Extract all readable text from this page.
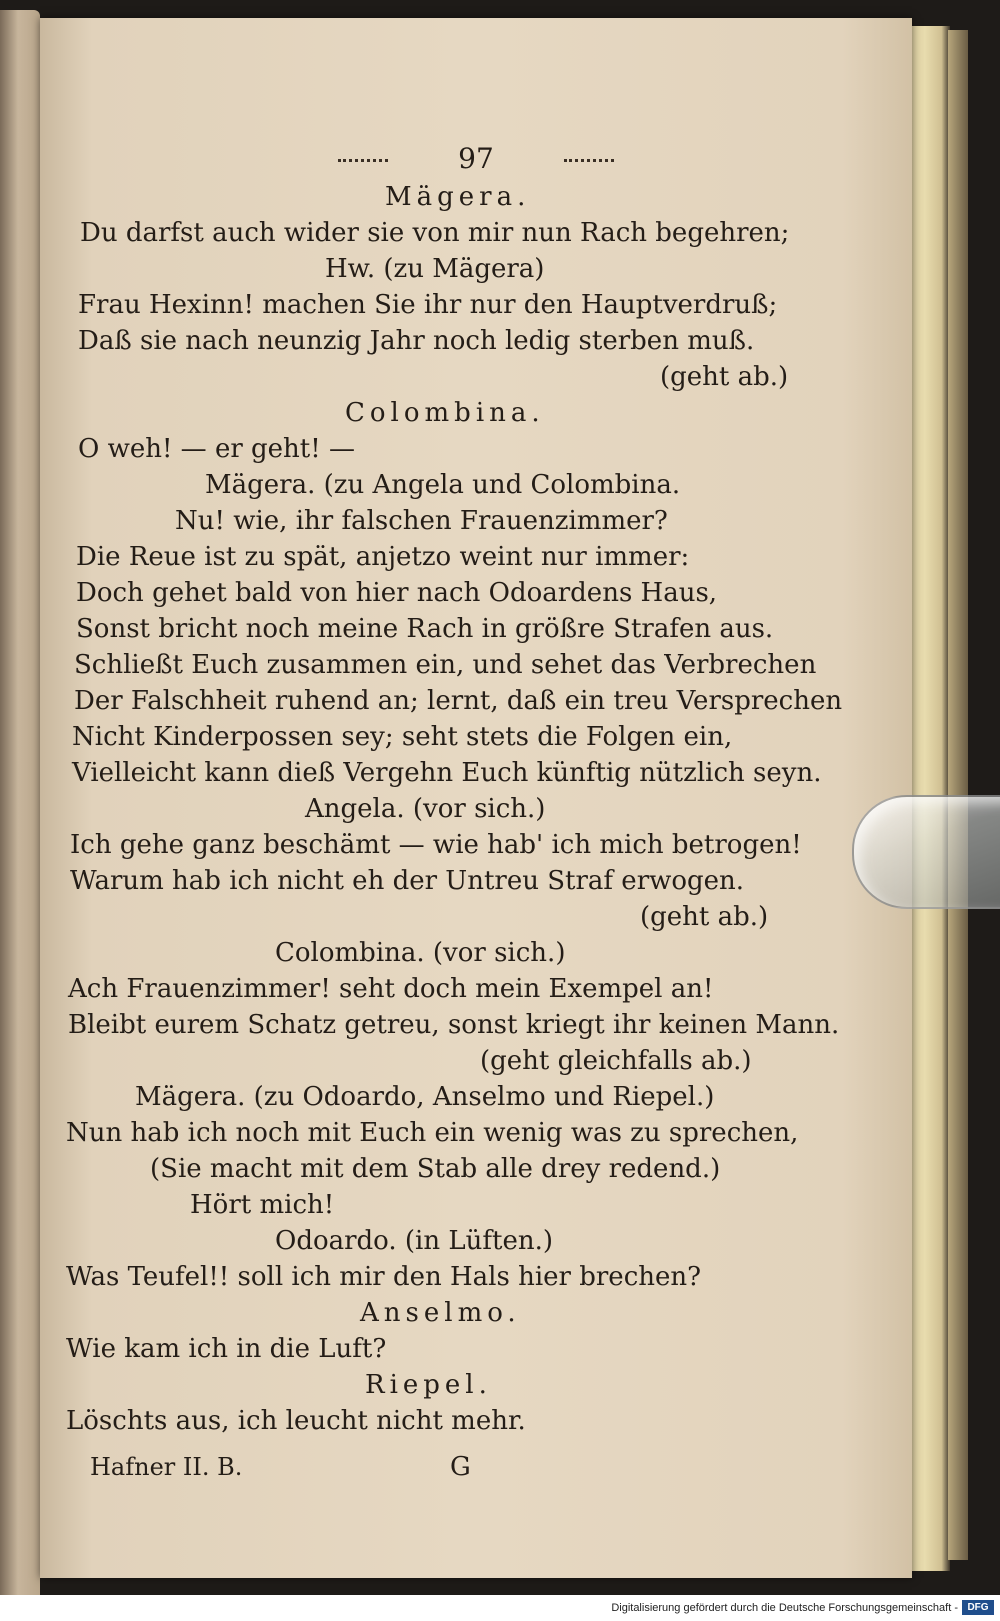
97
Mägera.
Du darfst auch wider sie von mir nun Rach begehren;
Hw. (zu Mägera)
Frau Hexinn! machen Sie ihr nur den Hauptverdruß;
Daß sie nach neunzig Jahr noch ledig sterben muß.
(geht ab.)
Colombina.
O weh! — er geht! —
Mägera. (zu Angela und Colombina.
Nu! wie, ihr falschen Frauenzimmer?
Die Reue ist zu spät, anjetzo weint nur immer:
Doch gehet bald von hier nach Odoardens Haus,
Sonst bricht noch meine Rach in größre Strafen aus.
Schließt Euch zusammen ein, und sehet das Verbrechen
Der Falschheit ruhend an; lernt, daß ein treu Versprechen
Nicht Kinderpossen sey; seht stets die Folgen ein,
Vielleicht kann dieß Vergehn Euch künftig nützlich seyn.
Angela. (vor sich.)
Ich gehe ganz beschämt — wie hab' ich mich betrogen!
Warum hab ich nicht eh der Untreu Straf erwogen.
(geht ab.)
Colombina. (vor sich.)
Ach Frauenzimmer! seht doch mein Exempel an!
Bleibt eurem Schatz getreu, sonst kriegt ihr keinen Mann.
(geht gleichfalls ab.)
Mägera. (zu Odoardo, Anselmo und Riepel.)
Nun hab ich noch mit Euch ein wenig was zu sprechen,
(Sie macht mit dem Stab alle drey redend.)
Hört mich!
Odoardo. (in Lüften.)
Was Teufel!! soll ich mir den Hals hier brechen?
Anselmo.
Wie kam ich in die Luft?
Riepel.
Löschts aus, ich leucht nicht mehr.
Hafner II. B.	G
Digitalisierung gefördert durch die Deutsche Forschungsgemeinschaft - DFG
